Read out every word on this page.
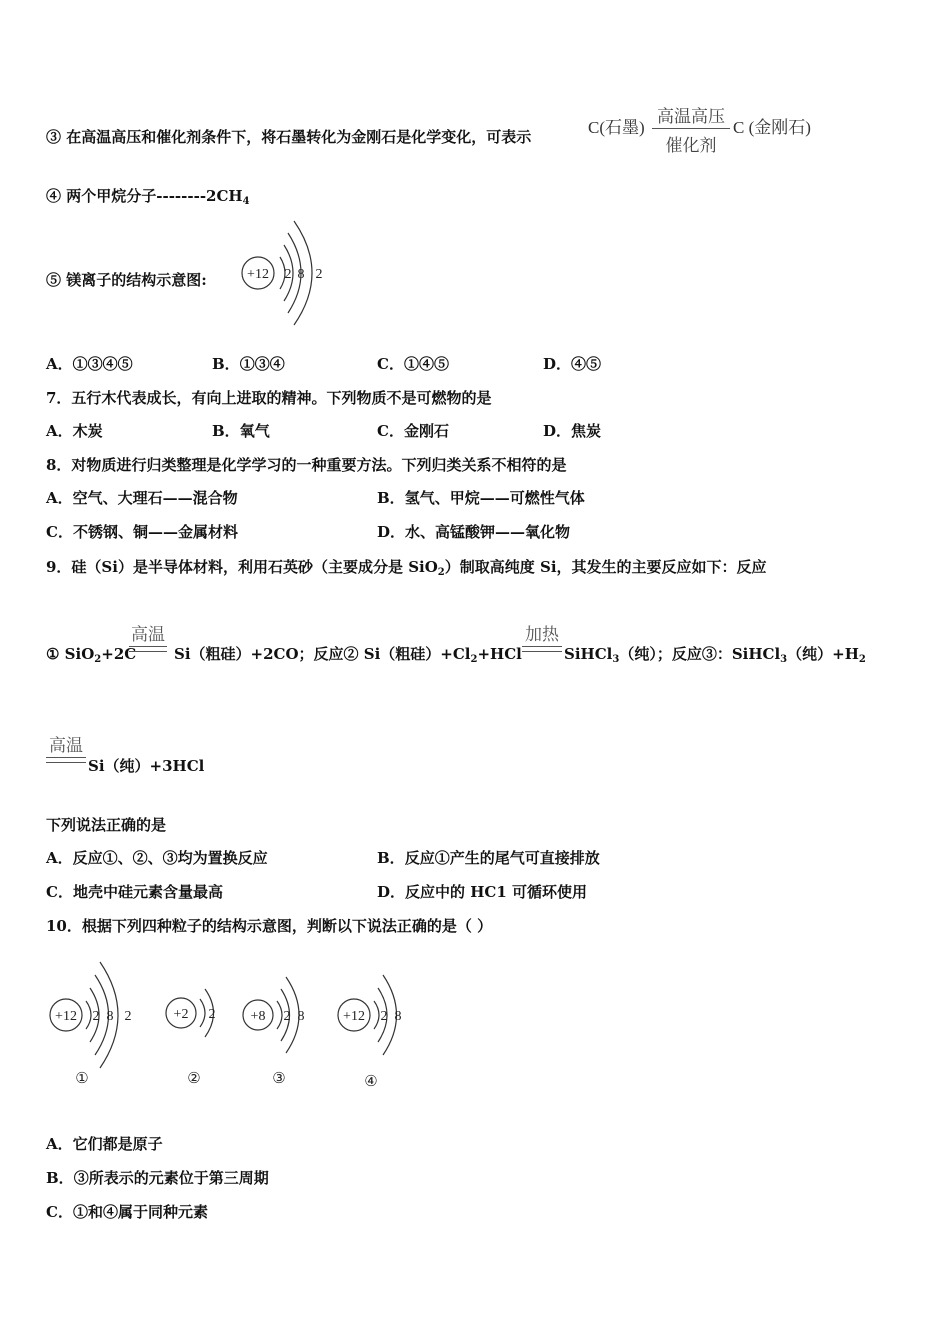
③ 在高温高压和催化剂条件下，将石墨转化为金刚石是化学变化，可表示	C(石墨)
高温高压
催化剂
C (金刚石)
④ 两个甲烷分子$--------2CH_4$
⑤ 镁离子的结构示意图:	+12 2 8 2
A．①③④⑤	B．①③④	C．①④⑤	D．④⑤
7．五行木代表成长，有向上进取的精神。下列物质不是可燃物的是
A．木炭	B．氧气	C．金刚石	D．焦炭
8．对物质进行归类整理是化学学习的一种重要方法。下列归类关系不相符的是
A．空气、大理石——混合物	B．氢气、甲烷——可燃性气体
C．不锈钢、铜——金属材料	D．水、高锰酸钾——氧化物
9．硅（Si）是半导体材料，利用石英砂（主要成分是 SiO$_2$）制取高纯度 Si，其发生的主要反应如下：反应
① SiO$_2$+2C
高温
Si（粗硅）+2CO；反应② Si（粗硅）$+Cl_2+HCl$
加热
SiHCl$_3$（纯）；反应③：SiHCl$_3$（纯）$+H_2$
高温
Si（纯）+3HCl
下列说法正确的是
A．反应①、②、③均为置换反应	B．反应①产生的尾气可直接排放
C．地壳中硅元素含量最高	D．反应中的 HC1 可循环使用
10．根据下列四种粒子的结构示意图，判断以下说法正确的是（ ）
+12 2 8 2
①
+2 2
②
+8 2 8
③
+12 2 8
④
A．它们都是原子
B．③所表示的元素位于第三周期
C．①和④属于同种元素
